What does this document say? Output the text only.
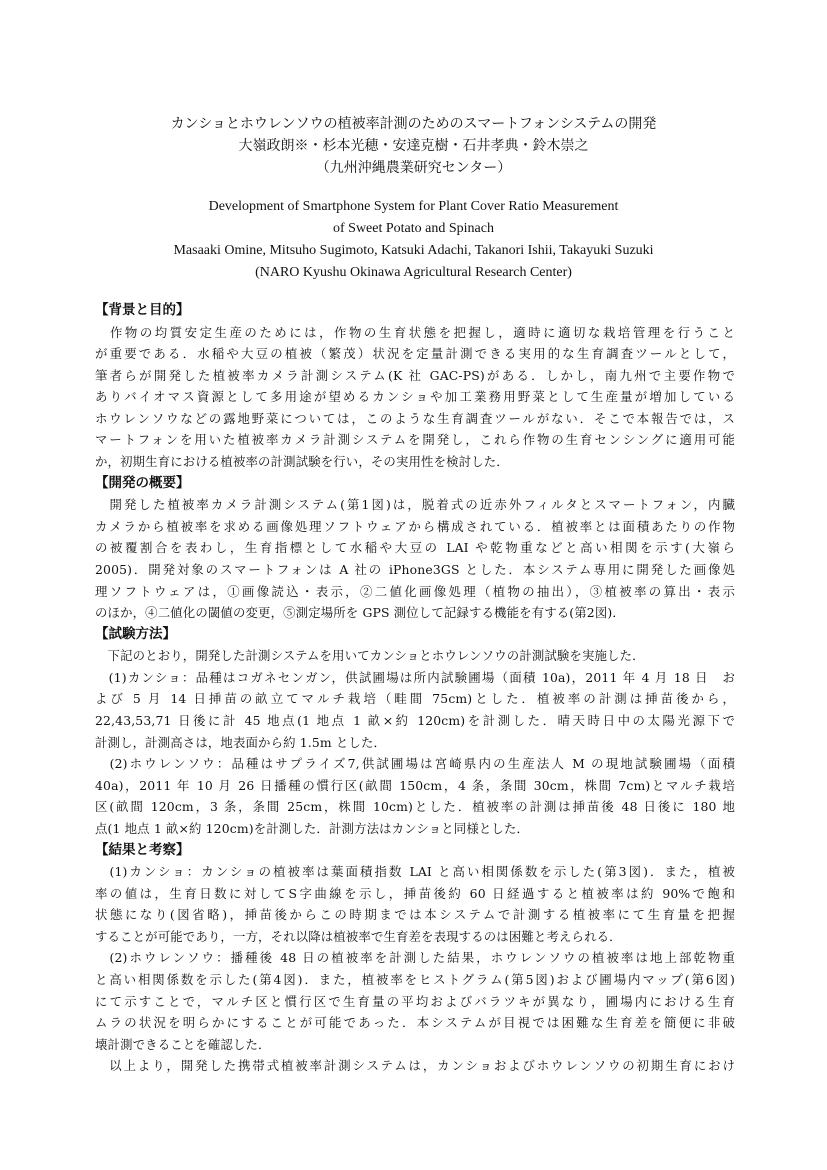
カンショとホウレンソウの植被率計測のためのスマートフォンシステムの開発
大嶺政朗※・杉本光穂・安達克樹・石井孝典・鈴木崇之
（九州沖縄農業研究センター）
Development of Smartphone System for Plant Cover Ratio Measurement
of Sweet Potato and Spinach
Masaaki Omine, Mitsuho Sugimoto, Katsuki Adachi, Takanori Ishii, Takayuki Suzuki
(NARO Kyushu Okinawa Agricultural Research Center)
【背景と目的】
　作物の均質安定生産のためには，作物の生育状態を把握し，適時に適切な栽培管理を行うこと
が重要である．水稲や大豆の植被（繁茂）状況を定量計測できる実用的な生育調査ツールとして，
筆者らが開発した植被率カメラ計測システム(K 社 GAC-PS)がある．しかし，南九州で主要作物で
ありバイオマス資源として多用途が望めるカンショや加工業務用野菜として生産量が増加している
ホウレンソウなどの露地野菜については，このような生育調査ツールがない．そこで本報告では，ス
マートフォンを用いた植被率カメラ計測システムを開発し，これら作物の生育センシングに適用可能
か，初期生育における植被率の計測試験を行い，その実用性を検討した．
【開発の概要】
　開発した植被率カメラ計測システム(第1図)は，脱着式の近赤外フィルタとスマートフォン，内臓
カメラから植被率を求める画像処理ソフトウェアから構成されている．植被率とは面積あたりの作物
の被覆割合を表わし，生育指標として水稲や大豆の LAI や乾物重などと高い相関を示す(大嶺ら
2005)．開発対象のスマートフォンは A 社の iPhone3GS とした．本システム専用に開発した画像処
理ソフトウェアは，①画像読込・表示，②二値化画像処理（植物の抽出），③植被率の算出・表示
のほか，④二値化の閾値の変更，⑤測定場所を GPS 測位して記録する機能を有する(第2図)．
【試験方法】
　下記のとおり，開発した計測システムを用いてカンショとホウレンソウの計測試験を実施した．
　(1)カンショ：品種はコガネセンガン，供試圃場は所内試験圃場（面積 10a)，2011 年 4 月 18 日　お
よび 5 月 14 日挿苗の畝立てマルチ栽培（畦間 75cm)とした．植被率の計測は挿苗後から，
22,43,53,71 日後に計 45 地点(1 地点 1 畝×約 120cm)を計測した．晴天時日中の太陽光源下で
計測し，計測高さは，地表面から約 1.5m とした．
　(2)ホウレンソウ：品種はサプライズ7,供試圃場は宮崎県内の生産法人 M の現地試験圃場（面積
40a)，2011 年 10 月 26 日播種の慣行区(畝間 150cm，4 条，条間 30cm，株間 7cm)とマルチ栽培
区(畝間 120cm，3 条，条間 25cm，株間 10cm)とした．植被率の計測は挿苗後 48 日後に 180 地
点(1 地点 1 畝×約 120cm)を計測した．計測方法はカンショと同様とした．
【結果と考察】
　(1)カンショ：カンショの植被率は葉面積指数 LAI と高い相関係数を示した(第3図)．また，植被
率の値は，生育日数に対してS字曲線を示し，挿苗後約 60 日経過すると植被率は約 90%で飽和
状態になり(図省略)，挿苗後からこの時期までは本システムで計測する植被率にて生育量を把握
することが可能であり，一方，それ以降は植被率で生育差を表現するのは困難と考えられる．
　(2)ホウレンソウ：播種後 48 日の植被率を計測した結果，ホウレンソウの植被率は地上部乾物重
と高い相関係数を示した(第4図)．また，植被率をヒストグラム(第5図)および圃場内マップ(第6図)
にて示すことで，マルチ区と慣行区で生育量の平均およびバラツキが異なり，圃場内における生育
ムラの状況を明らかにすることが可能であった．本システムが目視では困難な生育差を簡便に非破
壊計測できることを確認した．
　以上より，開発した携帯式植被率計測システムは，カンショおよびホウレンソウの初期生育におけ
